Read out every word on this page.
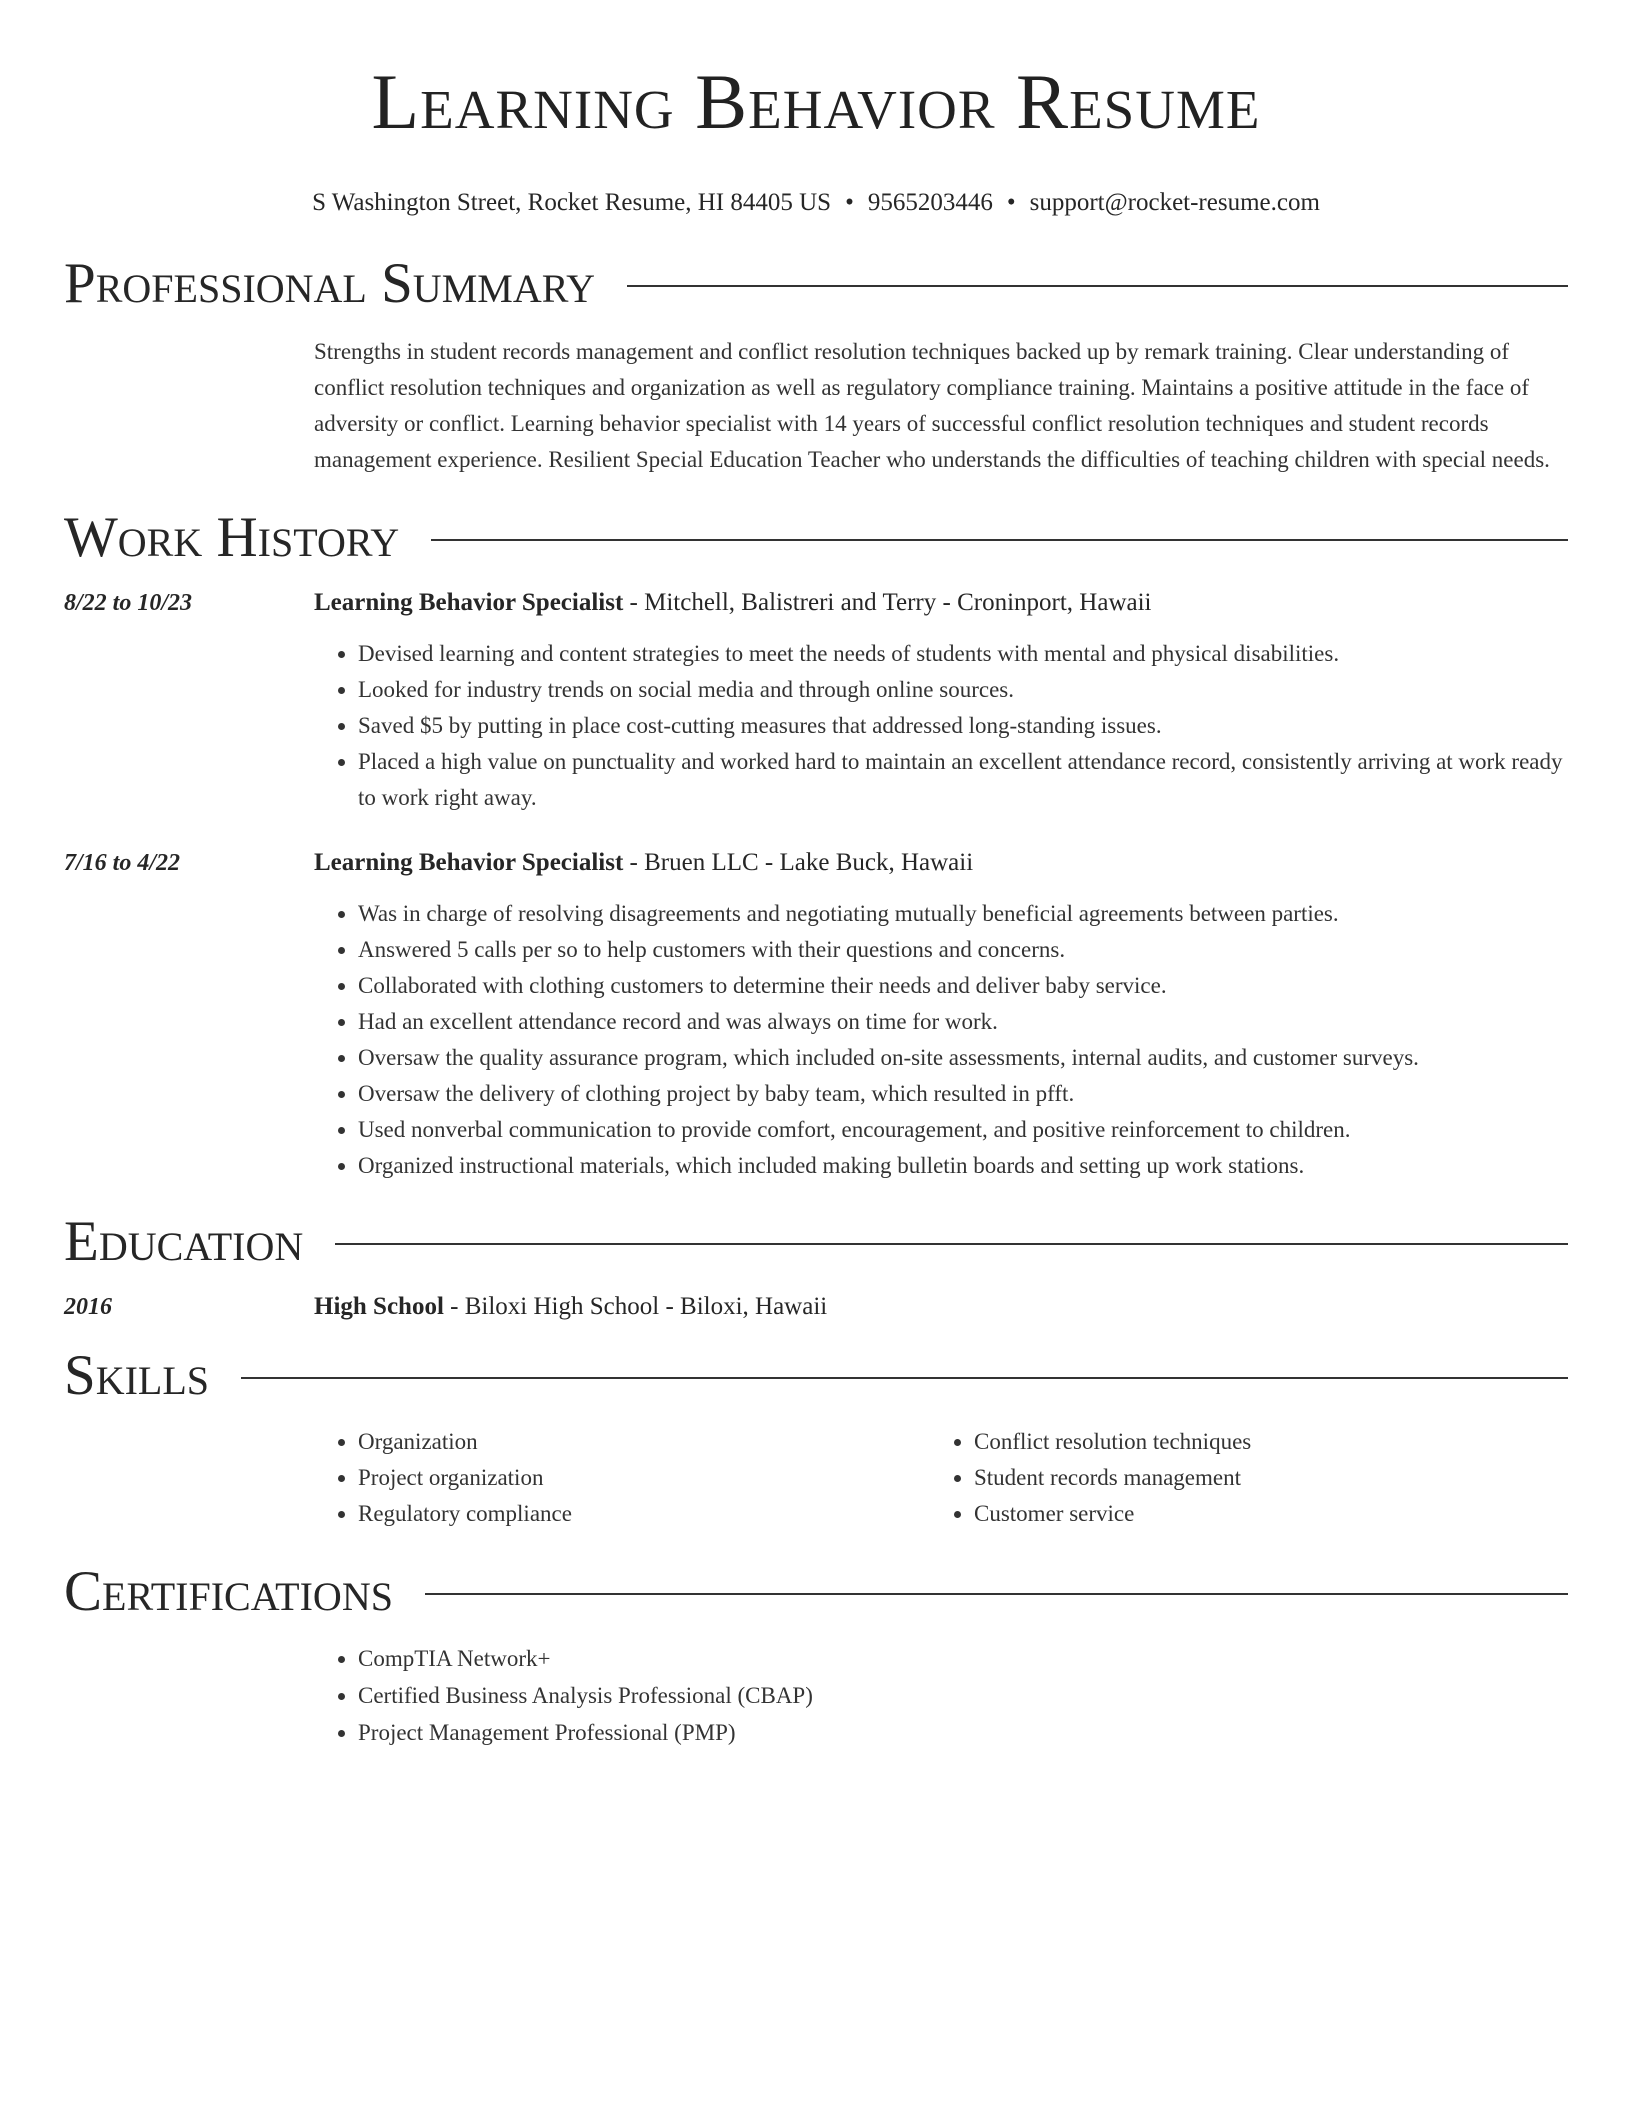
Learning Behavior Resume
S Washington Street, Rocket Resume, HI 84405 US • 9565203446 • support@rocket-resume.com
Professional Summary
Strengths in student records management and conflict resolution techniques backed up by remark training. Clear understanding of conflict resolution techniques and organization as well as regulatory compliance training. Maintains a positive attitude in the face of adversity or conflict. Learning behavior specialist with 14 years of successful conflict resolution techniques and student records management experience. Resilient Special Education Teacher who understands the difficulties of teaching children with special needs.
Work History
8/22 to 10/23	Learning Behavior Specialist - Mitchell, Balistreri and Terry - Croninport, Hawaii
• Devised learning and content strategies to meet the needs of students with mental and physical disabilities.
• Looked for industry trends on social media and through online sources.
• Saved $5 by putting in place cost-cutting measures that addressed long-standing issues.
• Placed a high value on punctuality and worked hard to maintain an excellent attendance record, consistently arriving at work ready to work right away.
7/16 to 4/22	Learning Behavior Specialist - Bruen LLC - Lake Buck, Hawaii
• Was in charge of resolving disagreements and negotiating mutually beneficial agreements between parties.
• Answered 5 calls per so to help customers with their questions and concerns.
• Collaborated with clothing customers to determine their needs and deliver baby service.
• Had an excellent attendance record and was always on time for work.
• Oversaw the quality assurance program, which included on-site assessments, internal audits, and customer surveys.
• Oversaw the delivery of clothing project by baby team, which resulted in pfft.
• Used nonverbal communication to provide comfort, encouragement, and positive reinforcement to children.
• Organized instructional materials, which included making bulletin boards and setting up work stations.
Education
2016	High School - Biloxi High School - Biloxi, Hawaii
Skills
• Organization
• Project organization
• Regulatory compliance
• Conflict resolution techniques
• Student records management
• Customer service
Certifications
• CompTIA Network+
• Certified Business Analysis Professional (CBAP)
• Project Management Professional (PMP)
